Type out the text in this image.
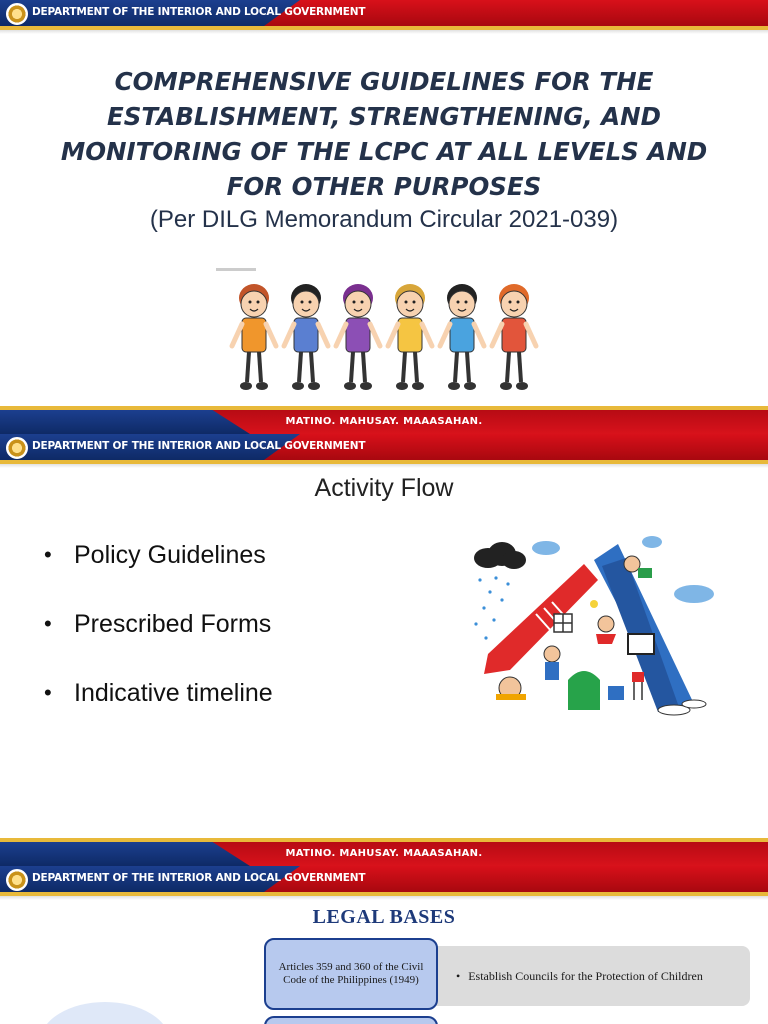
DEPARTMENT OF THE INTERIOR AND LOCAL GOVERNMENT
COMPREHENSIVE GUIDELINES FOR THE
ESTABLISHMENT, STRENGTHENING, AND
MONITORING OF THE LCPC AT ALL LEVELS AND
FOR OTHER PURPOSES
(Per DILG Memorandum Circular 2021-039)
MATINO. MAHUSAY. MAAASAHAN.
DEPARTMENT OF THE INTERIOR AND LOCAL GOVERNMENT
Activity Flow
• Policy Guidelines
• Prescribed Forms
• Indicative timeline
MATINO. MAHUSAY. MAAASAHAN.
DEPARTMENT OF THE INTERIOR AND LOCAL GOVERNMENT
LEGAL BASES
• Establish Councils for the Protection of Children
Articles 359 and 360 of the Civil Code of the Philippines (1949)
